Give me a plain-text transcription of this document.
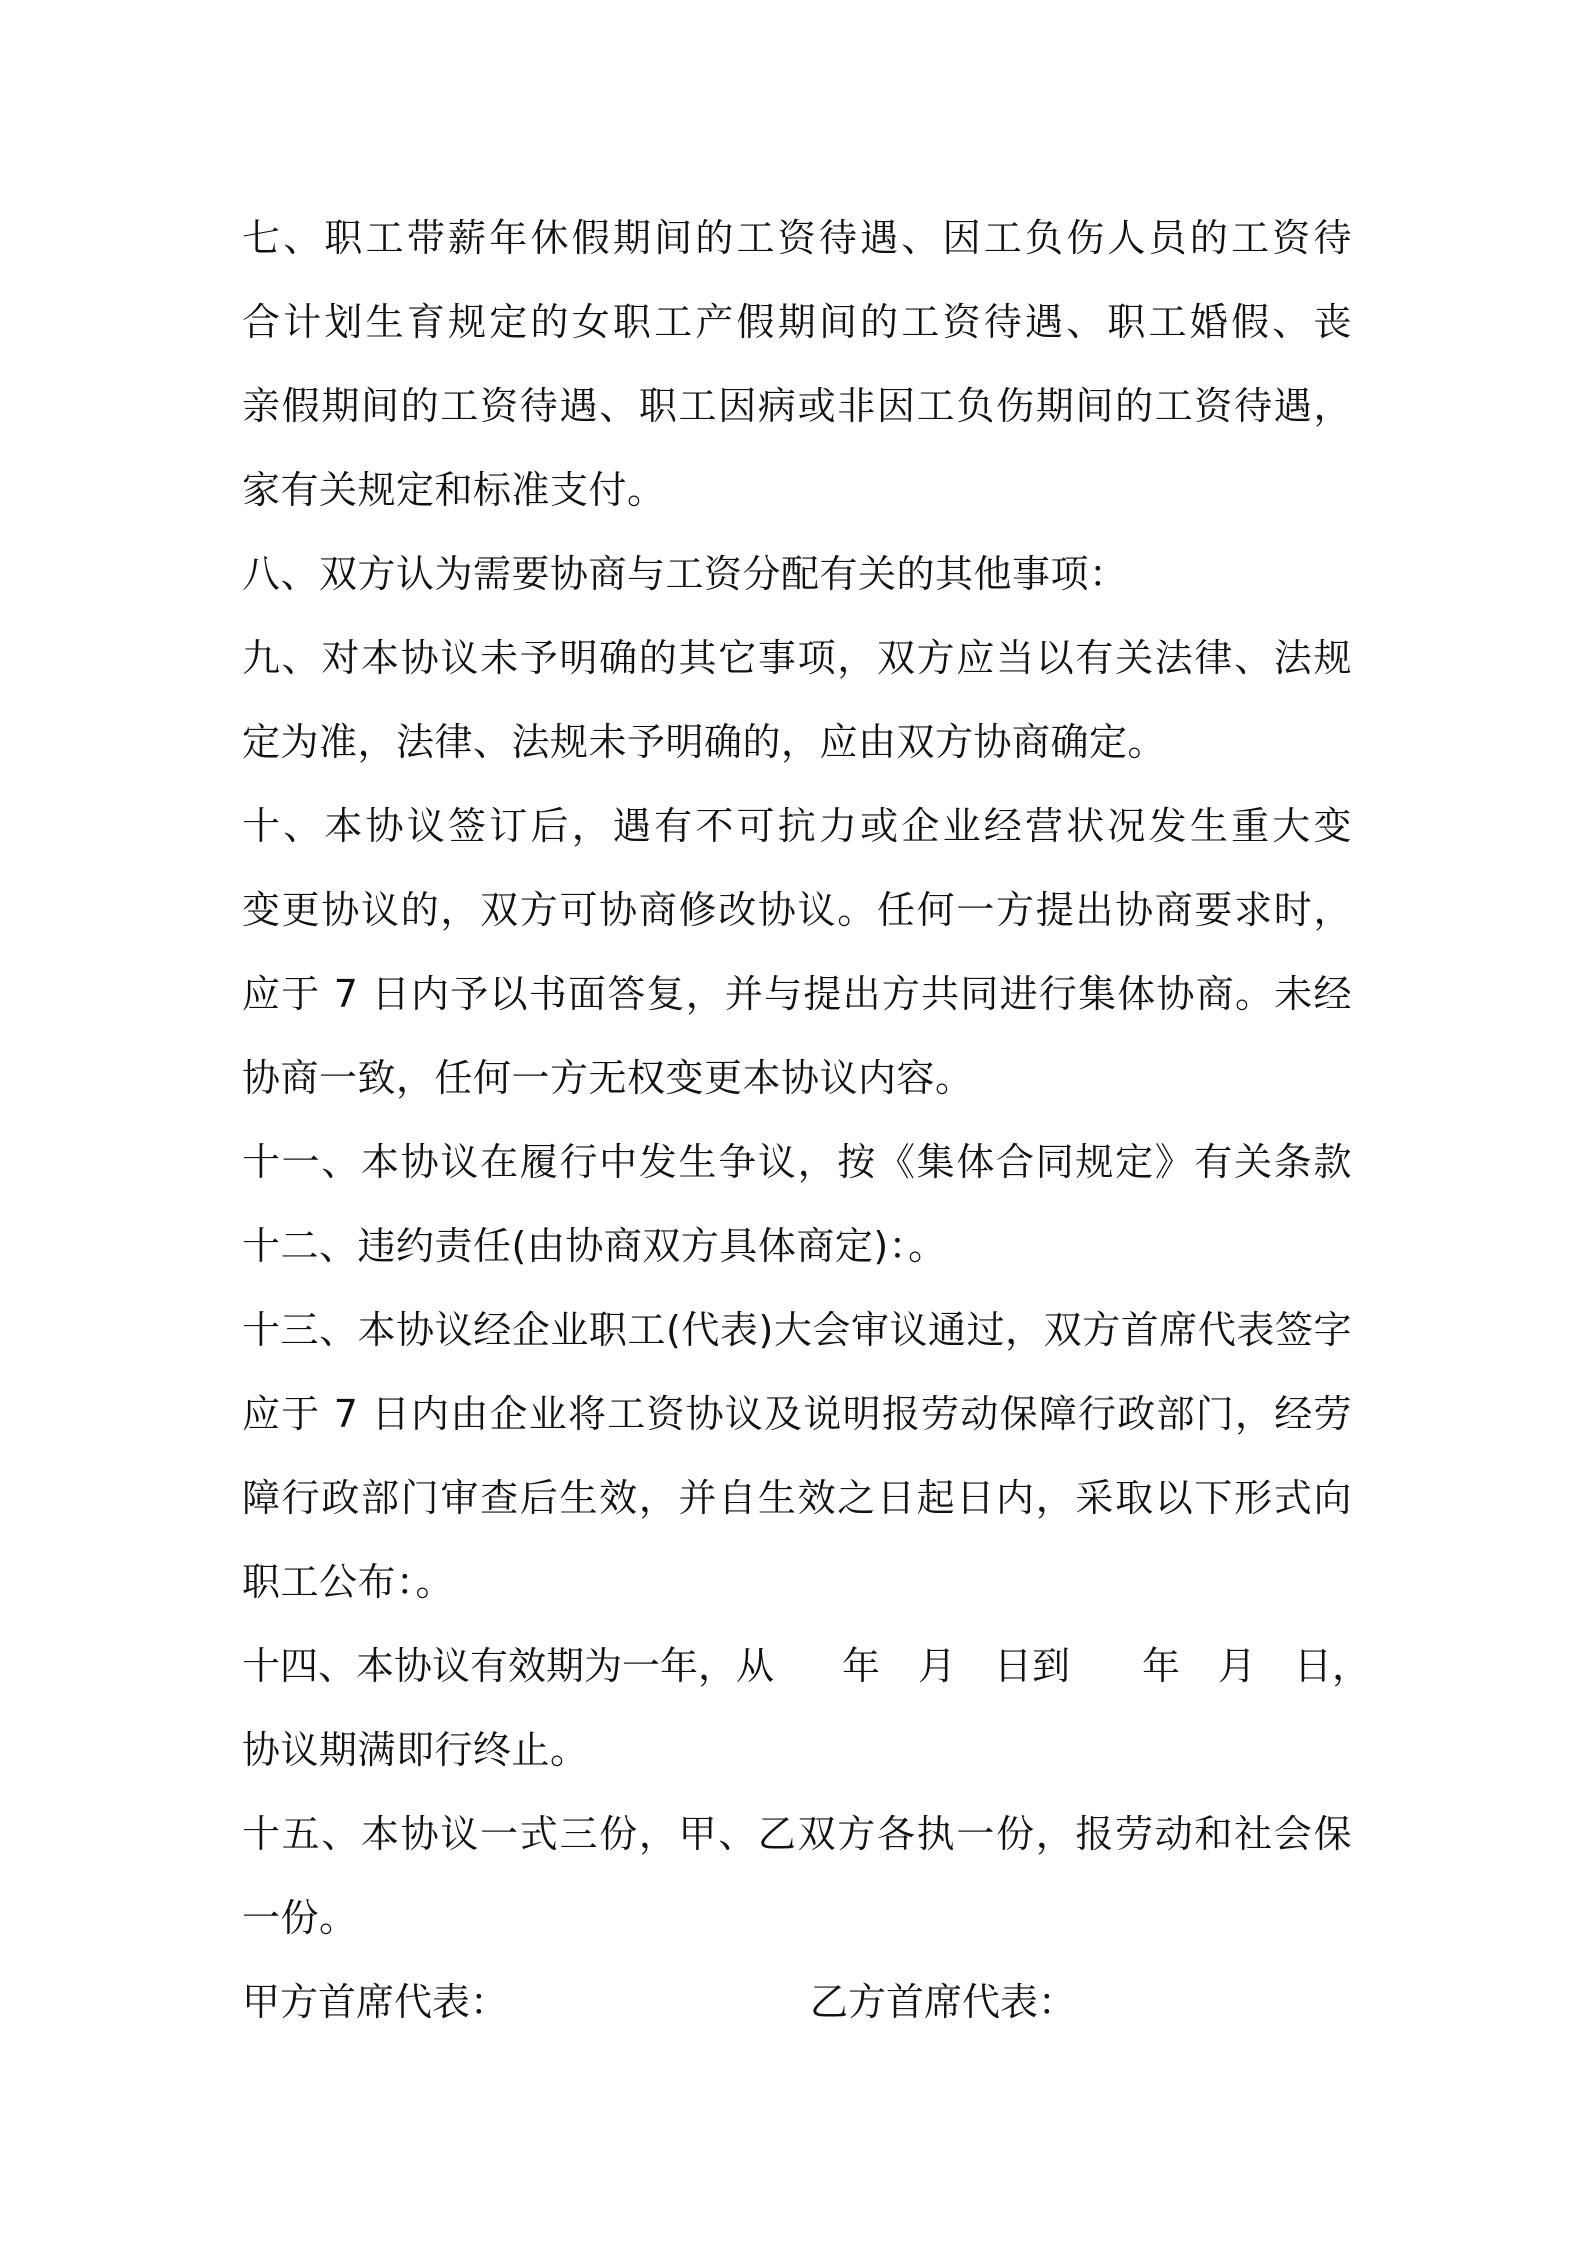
七、职工带薪年休假期间的工资待遇、因工负伤人员的工资待
合计划生育规定的女职工产假期间的工资待遇、职工婚假、丧
亲假期间的工资待遇、职工因病或非因工负伤期间的工资待遇，
家有关规定和标准支付。
八、双方认为需要协商与工资分配有关的其他事项：
九、对本协议未予明确的其它事项，双方应当以有关法律、法规
定为准，法律、法规未予明确的，应由双方协商确定。
十、本协议签订后，遇有不可抗力或企业经营状况发生重大变
变更协议的，双方可协商修改协议。任何一方提出协商要求时，
应于 7 日内予以书面答复，并与提出方共同进行集体协商。未经
协商一致，任何一方无权变更本协议内容。
十一、本协议在履行中发生争议，按《集体合同规定》有关条款
十二、违约责任(由协商双方具体商定)：。
十三、本协议经企业职工(代表)大会审议通过，双方首席代表签字
应于 7 日内由企业将工资协议及说明报劳动保障行政部门，经劳
障行政部门审查后生效，并自生效之日起日内，采取以下形式向
职工公布：。
十四、本协议有效期为一年，从 年 月 日到 年 月 日，
协议期满即行终止。
十五、本协议一式三份，甲、乙双方各执一份，报劳动和社会保
一份。
甲方首席代表：	乙方首席代表：
